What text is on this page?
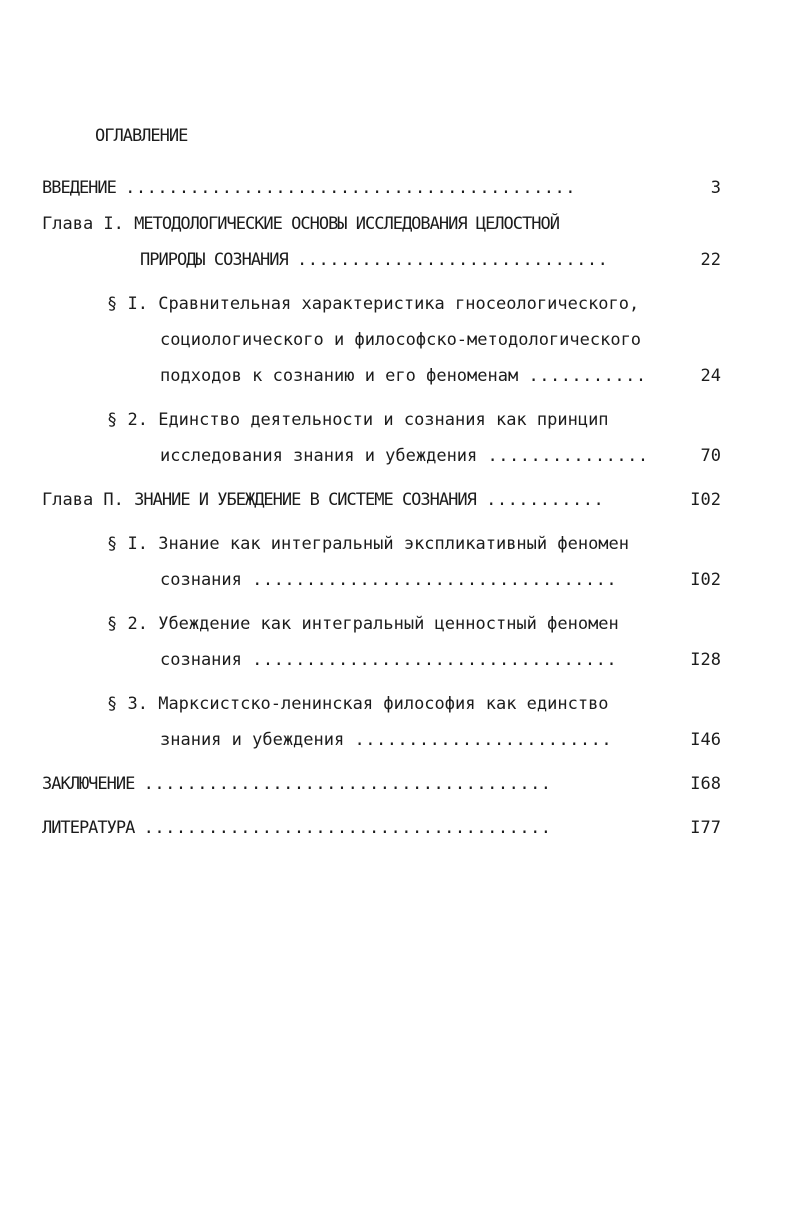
ОГЛАВЛЕНИЕ
ВВЕДЕНИЕ ..........................................	3
Глава I. МЕТОДОЛОГИЧЕСКИЕ ОСНОВЫ ИССЛЕДОВАНИЯ ЦЕЛОСТНОЙ
ПРИРОДЫ СОЗНАНИЯ .............................	22
§ I. Сравнительная характеристика гносеологического,
социологического и философско-методологического
подходов к сознанию и его феноменам ...........	24
§ 2. Единство деятельности и сознания как принцип
исследования знания и убеждения ...............	70
Глава П. ЗНАНИЕ И УБЕЖДЕНИЕ В СИСТЕМЕ СОЗНАНИЯ ...........	I02
§ I. Знание как интегральный экспликативный феномен
сознания ..................................	I02
§ 2. Убеждение как интегральный ценностный феномен
сознания ..................................	I28
§ 3. Марксистско-ленинская философия как единство
знания и убеждения ........................	I46
ЗАКЛЮЧЕНИЕ ......................................	I68
ЛИТЕРАТУРА ......................................	I77
